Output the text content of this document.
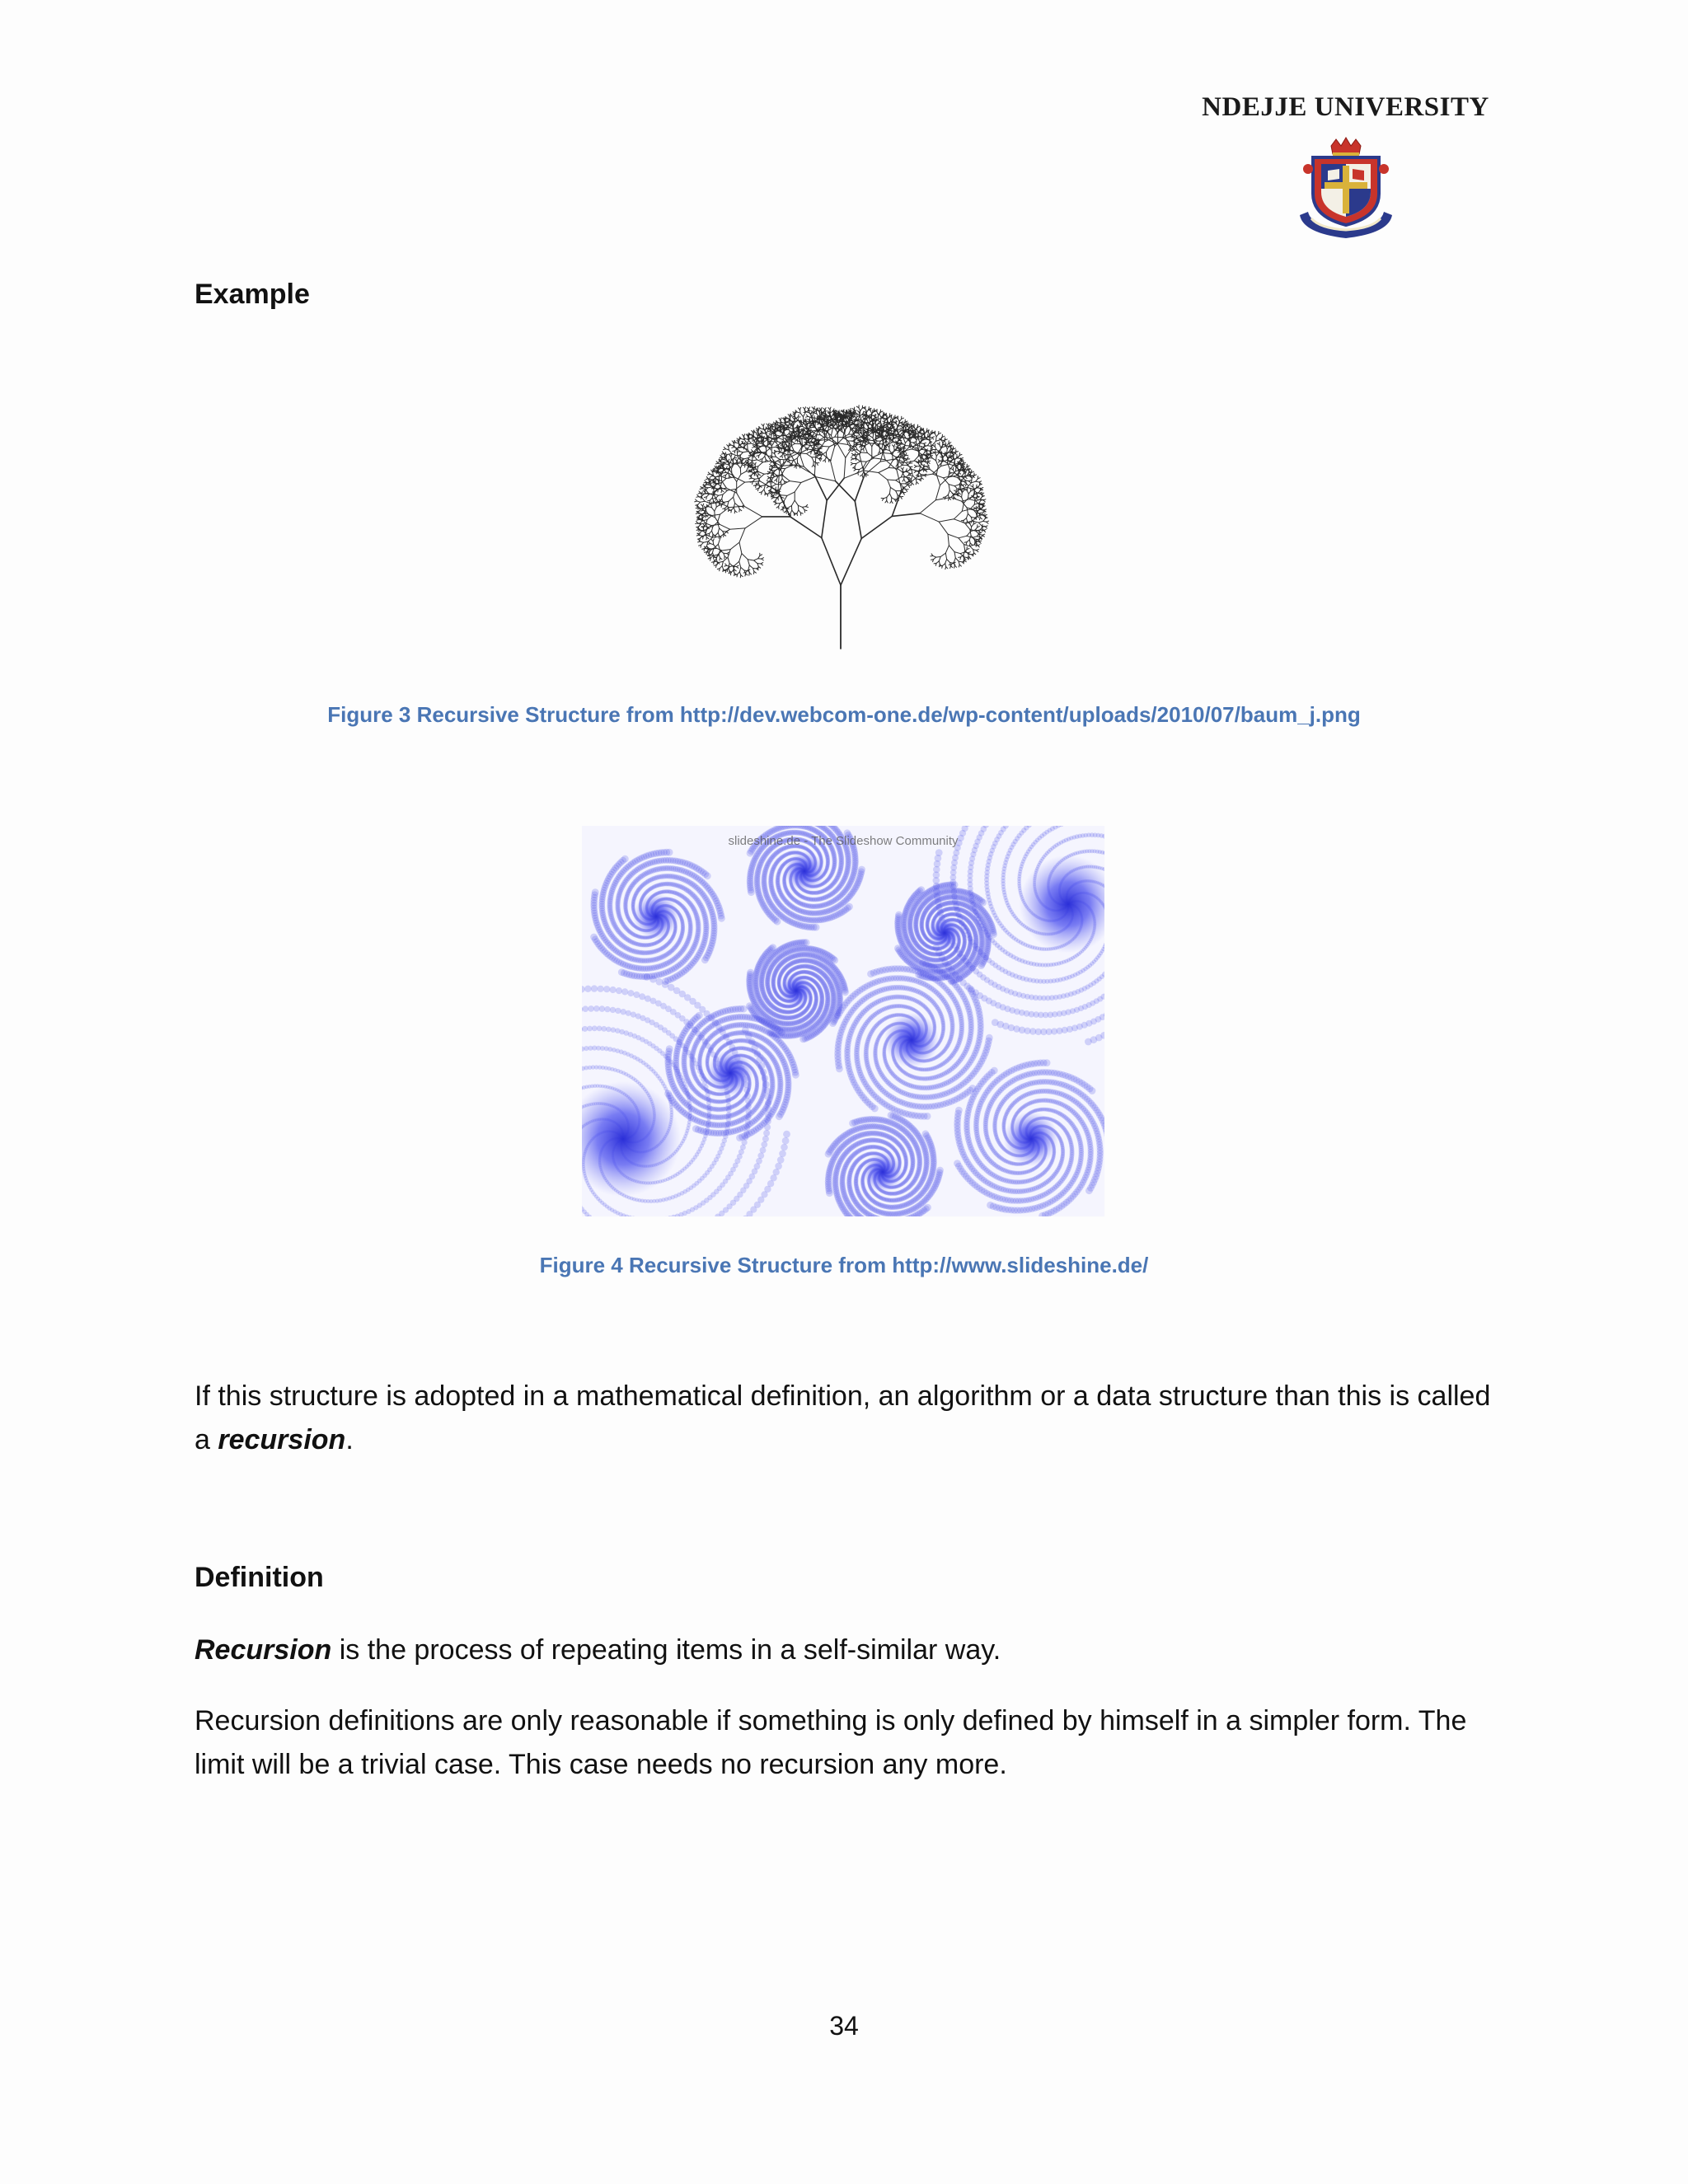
NDEJJE UNIVERSITY
Example
Figure 3 Recursive Structure from http://dev.webcom-one.de/wp-content/uploads/2010/07/baum_j.png
slideshine.de - The Slideshow Community
Figure 4 Recursive Structure from http://www.slideshine.de/
If this structure is adopted in a mathematical definition, an algorithm or a data structure than this is called a recursion.
Definition
Recursion is the process of repeating items in a self-similar way.
Recursion definitions are only reasonable if something is only defined by himself in a simpler form. The limit will be a trivial case. This case needs no recursion any more.
34
